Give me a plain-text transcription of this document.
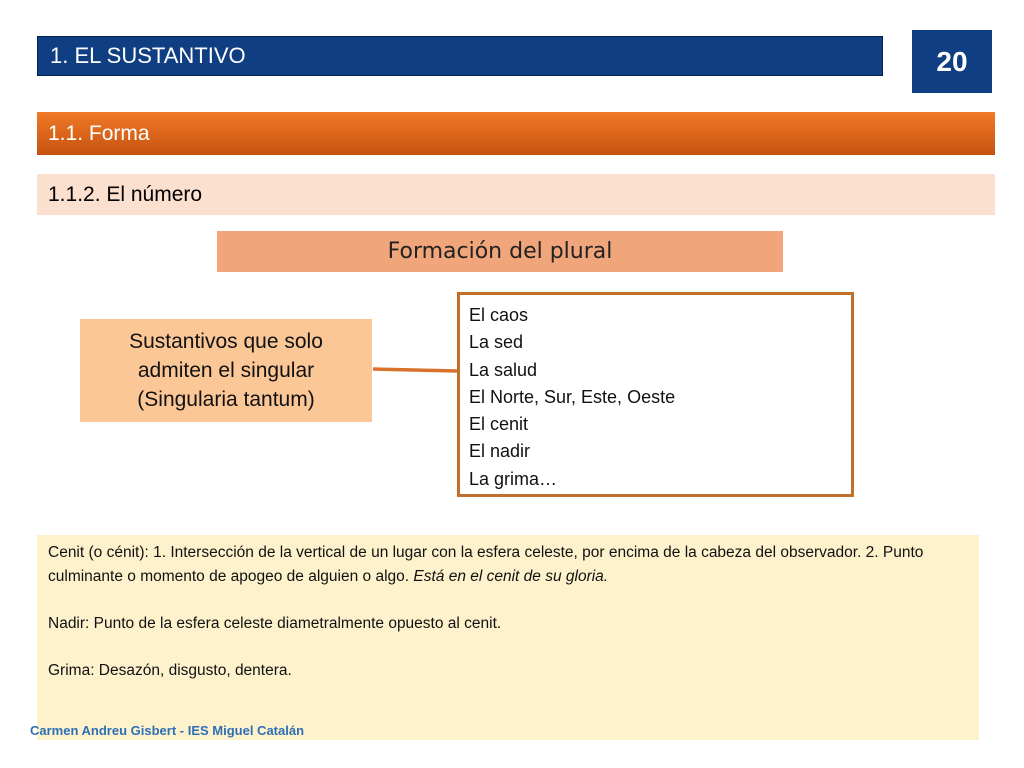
1. EL SUSTANTIVO	20
1.1. Forma
1.1.2. El número
Formación del plural
Sustantivos que solo
admiten el singular
(Singularia tantum)
El caos
La sed
La salud
El Norte, Sur, Este, Oeste
El cenit
El nadir
La grima…

Cenit (o cénit): 1. Intersección de la vertical de un lugar con la esfera celeste, por encima de la cabeza del observador. 2. Punto culminante o momento de apogeo de alguien o algo. Está en el cenit de su gloria.

Nadir: Punto de la esfera celeste diametralmente opuesto al cenit.

Grima: Desazón, disgusto, dentera.

Carmen Andreu Gisbert - IES Miguel Catalán
